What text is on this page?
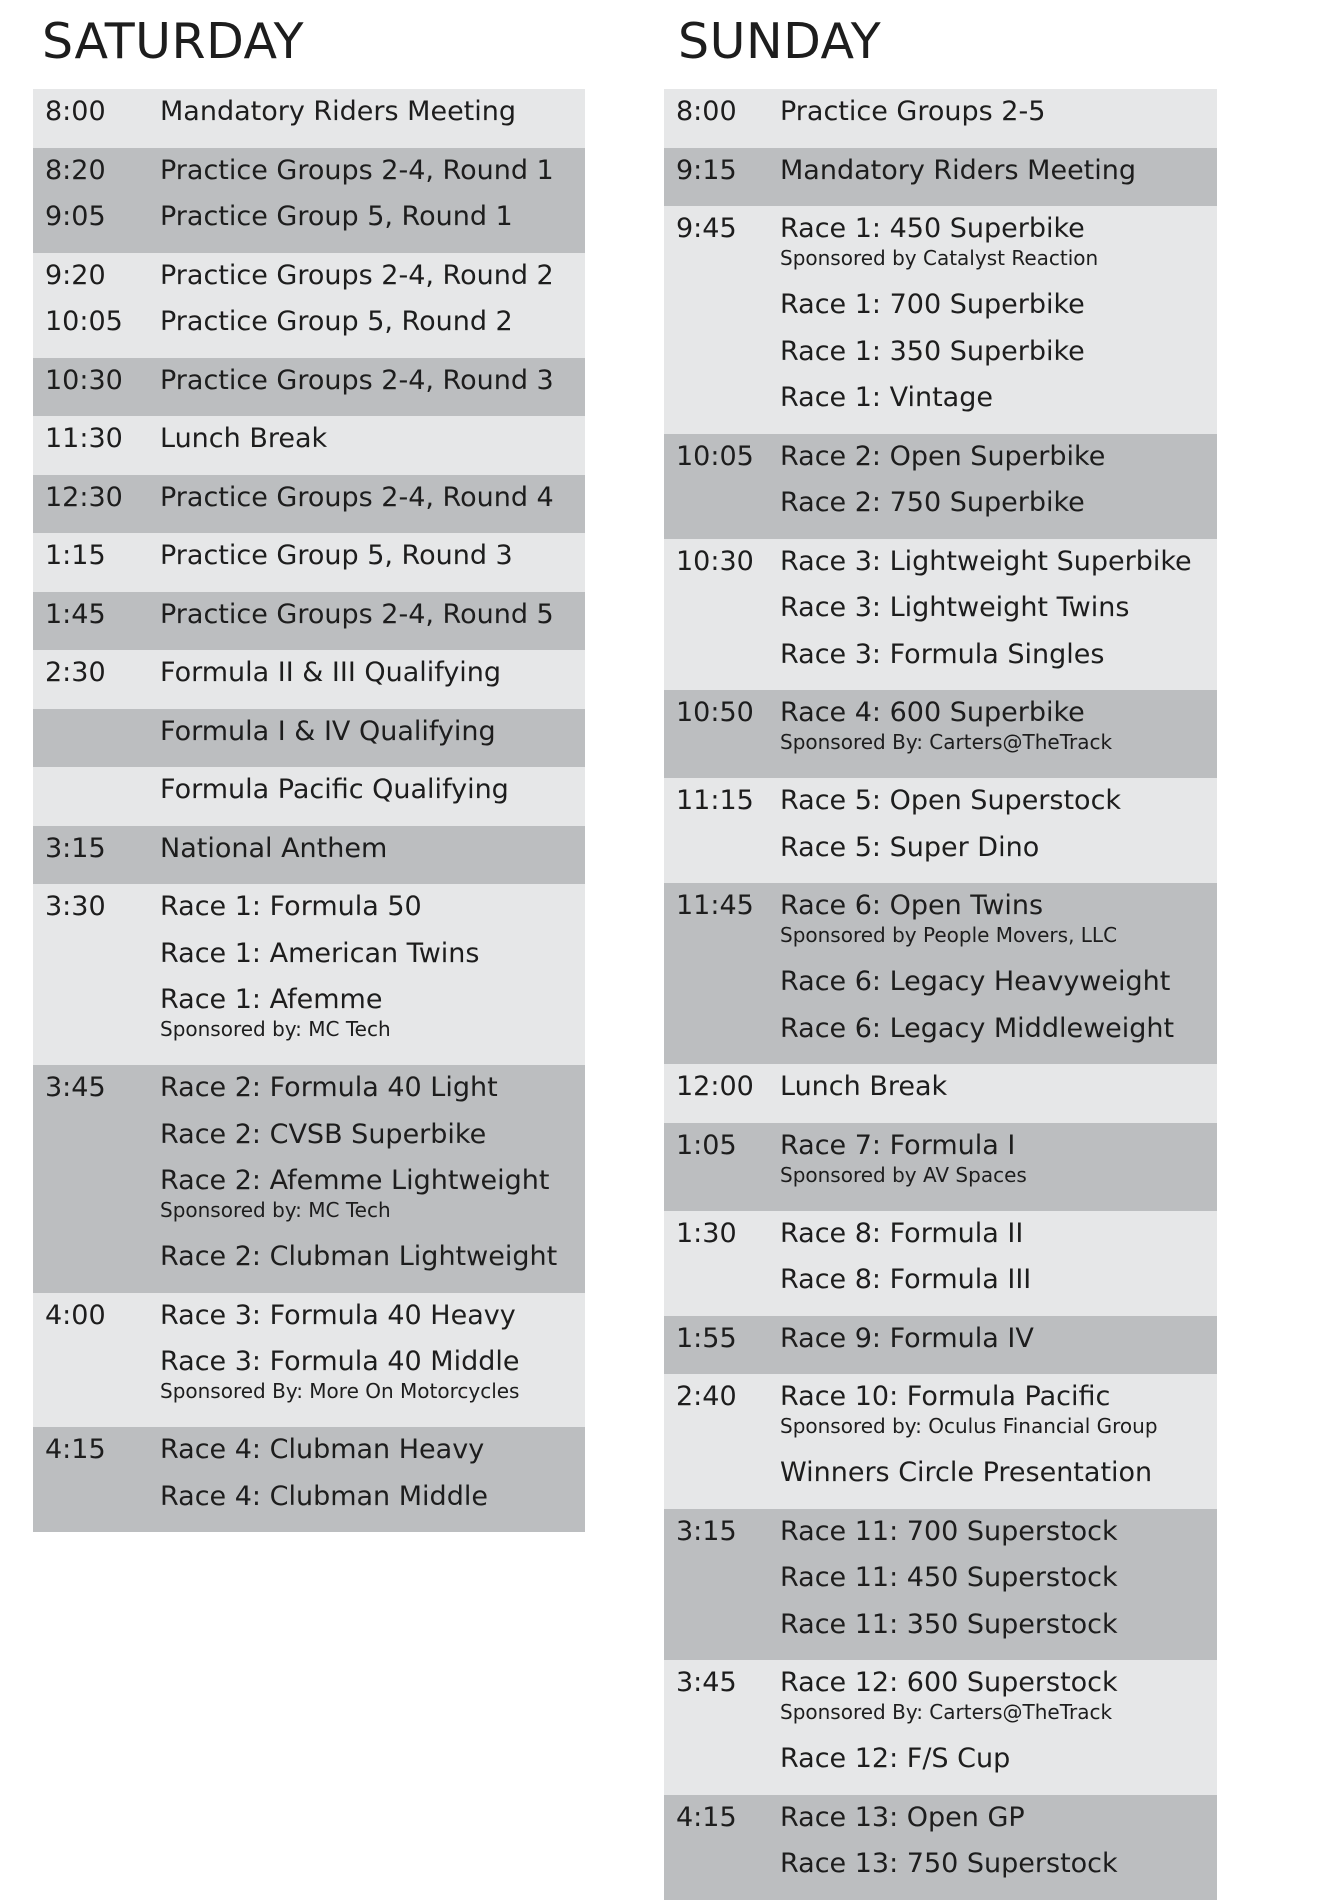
SATURDAY	SUNDAY
8:00	Mandatory Riders Meeting
8:20	Practice Groups 2-4, Round 1
9:05	Practice Group 5, Round 1
9:20	Practice Groups 2-4, Round 2
10:05	Practice Group 5, Round 2
10:30	Practice Groups 2-4, Round 3
11:30	Lunch Break
12:30	Practice Groups 2-4, Round 4
1:15	Practice Group 5, Round 3
1:45	Practice Groups 2-4, Round 5
2:30	Formula II & III Qualifying
Formula I & IV Qualifying
Formula Pacific Qualifying
3:15	National Anthem
3:30	Race 1: Formula 50
Race 1: American Twins
Race 1: Afemme
Sponsored by: MC Tech
3:45	Race 2: Formula 40 Light
Race 2: CVSB Superbike
Race 2: Afemme Lightweight
Sponsored by: MC Tech
Race 2: Clubman Lightweight
4:00	Race 3: Formula 40 Heavy
Race 3: Formula 40 Middle
Sponsored By: More On Motorcycles
4:15	Race 4: Clubman Heavy
Race 4: Clubman Middle
8:00	Practice Groups 2-5
9:15	Mandatory Riders Meeting
9:45	Race 1: 450 Superbike
Sponsored by Catalyst Reaction
Race 1: 700 Superbike
Race 1: 350 Superbike
Race 1: Vintage
10:05 Race 2: Open Superbike
Race 2: 750 Superbike
10:30 Race 3: Lightweight Superbike
Race 3: Lightweight Twins
Race 3: Formula Singles
10:50 Race 4: 600 Superbike
Sponsored By: Carters@TheTrack
11:15 Race 5: Open Superstock
Race 5: Super Dino
11:45 Race 6: Open Twins
Sponsored by People Movers, LLC
Race 6: Legacy Heavyweight
Race 6: Legacy Middleweight
12:00 Lunch Break
1:05	Race 7: Formula I
Sponsored by AV Spaces
1:30	Race 8: Formula II
Race 8: Formula III
1:55	Race 9: Formula IV
2:40	Race 10: Formula Pacific
Sponsored by: Oculus Financial Group
Winners Circle Presentation
3:15	Race 11: 700 Superstock
Race 11: 450 Superstock
Race 11: 350 Superstock
3:45	Race 12: 600 Superstock
Sponsored By: Carters@TheTrack
Race 12: F/S Cup
4:15	Race 13: Open GP
Race 13: 750 Superstock
